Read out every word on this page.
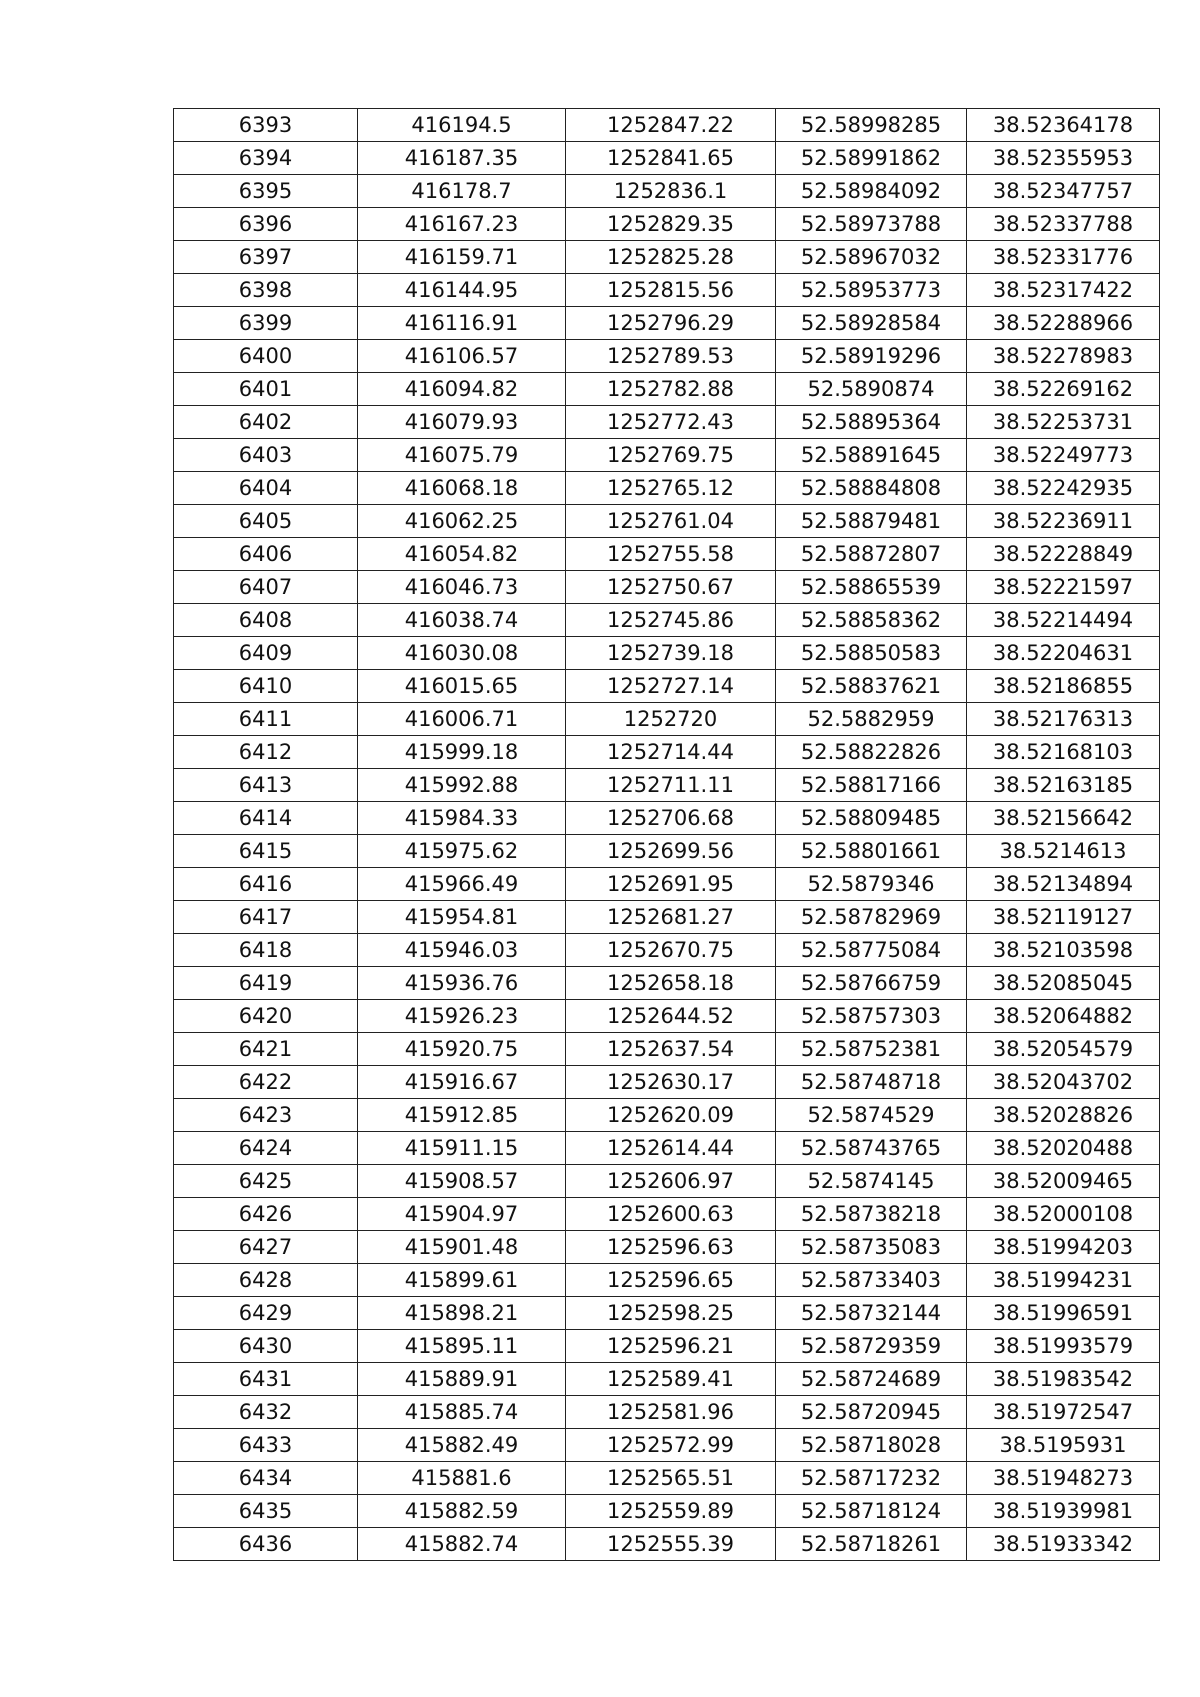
6393	416194.5	1252847.22	52.58998285	38.52364178
6394	416187.35	1252841.65	52.58991862	38.52355953
6395	416178.7	1252836.1	52.58984092	38.52347757
6396	416167.23	1252829.35	52.58973788	38.52337788
6397	416159.71	1252825.28	52.58967032	38.52331776
6398	416144.95	1252815.56	52.58953773	38.52317422
6399	416116.91	1252796.29	52.58928584	38.52288966
6400	416106.57	1252789.53	52.58919296	38.52278983
6401	416094.82	1252782.88	52.5890874	38.52269162
6402	416079.93	1252772.43	52.58895364	38.52253731
6403	416075.79	1252769.75	52.58891645	38.52249773
6404	416068.18	1252765.12	52.58884808	38.52242935
6405	416062.25	1252761.04	52.58879481	38.52236911
6406	416054.82	1252755.58	52.58872807	38.52228849
6407	416046.73	1252750.67	52.58865539	38.52221597
6408	416038.74	1252745.86	52.58858362	38.52214494
6409	416030.08	1252739.18	52.58850583	38.52204631
6410	416015.65	1252727.14	52.58837621	38.52186855
6411	416006.71	1252720	52.5882959	38.52176313
6412	415999.18	1252714.44	52.58822826	38.52168103
6413	415992.88	1252711.11	52.58817166	38.52163185
6414	415984.33	1252706.68	52.58809485	38.52156642
6415	415975.62	1252699.56	52.58801661	38.5214613
6416	415966.49	1252691.95	52.5879346	38.52134894
6417	415954.81	1252681.27	52.58782969	38.52119127
6418	415946.03	1252670.75	52.58775084	38.52103598
6419	415936.76	1252658.18	52.58766759	38.52085045
6420	415926.23	1252644.52	52.58757303	38.52064882
6421	415920.75	1252637.54	52.58752381	38.52054579
6422	415916.67	1252630.17	52.58748718	38.52043702
6423	415912.85	1252620.09	52.5874529	38.52028826
6424	415911.15	1252614.44	52.58743765	38.52020488
6425	415908.57	1252606.97	52.5874145	38.52009465
6426	415904.97	1252600.63	52.58738218	38.52000108
6427	415901.48	1252596.63	52.58735083	38.51994203
6428	415899.61	1252596.65	52.58733403	38.51994231
6429	415898.21	1252598.25	52.58732144	38.51996591
6430	415895.11	1252596.21	52.58729359	38.51993579
6431	415889.91	1252589.41	52.58724689	38.51983542
6432	415885.74	1252581.96	52.58720945	38.51972547
6433	415882.49	1252572.99	52.58718028	38.5195931
6434	415881.6	1252565.51	52.58717232	38.51948273
6435	415882.59	1252559.89	52.58718124	38.51939981
6436	415882.74	1252555.39	52.58718261	38.51933342
